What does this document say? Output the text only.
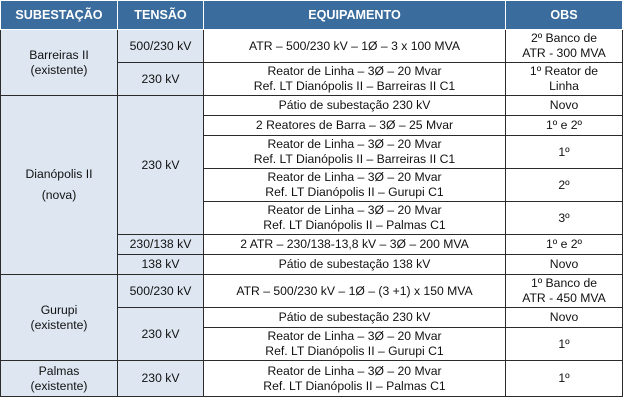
SUBESTAÇÃO	TENSÃO	EQUIPAMENTO	OBS

Barreiras II
(existente)	500/230 kV	ATR – 500/230 kV – 1Ø – 3 x 100 MVA	2º Banco de
ATR - 300 MVA

	230 kV	Reator de Linha – 3Ø – 20 Mvar
Ref. LT Dianópolis II – Barreiras II C1	1º Reator de
Linha

Dianópolis II
(nova)	230 kV	Pátio de subestação 230 kV	Novo

		2 Reatores de Barra – 3Ø – 25 Mvar	1º e 2º

		Reator de Linha – 3Ø – 20 Mvar
Ref. LT Dianópolis II – Barreiras II C1	1º

		Reator de Linha – 3Ø – 20 Mvar
Ref. LT Dianópolis II – Gurupi C1	2º

		Reator de Linha – 3Ø – 20 Mvar
Ref. LT Dianópolis II – Palmas C1	3º

	230/138 kV	2 ATR – 230/138-13,8 kV – 3Ø – 200 MVA	1º e 2º

	138 kV	Pátio de subestação 138 kV	Novo

Gurupi
(existente)	500/230 kV	ATR – 500/230 kV – 1Ø – (3 +1) x 150 MVA	1º Banco de
ATR - 450 MVA

	230 kV	Pátio de subestação 230 kV	Novo

		Reator de Linha – 3Ø – 20 Mvar
Ref. LT Dianópolis II – Gurupi C1	1º

Palmas
(existente)	230 kV	Reator de Linha – 3Ø – 20 Mvar
Ref. LT Dianópolis II – Palmas C1	1º
